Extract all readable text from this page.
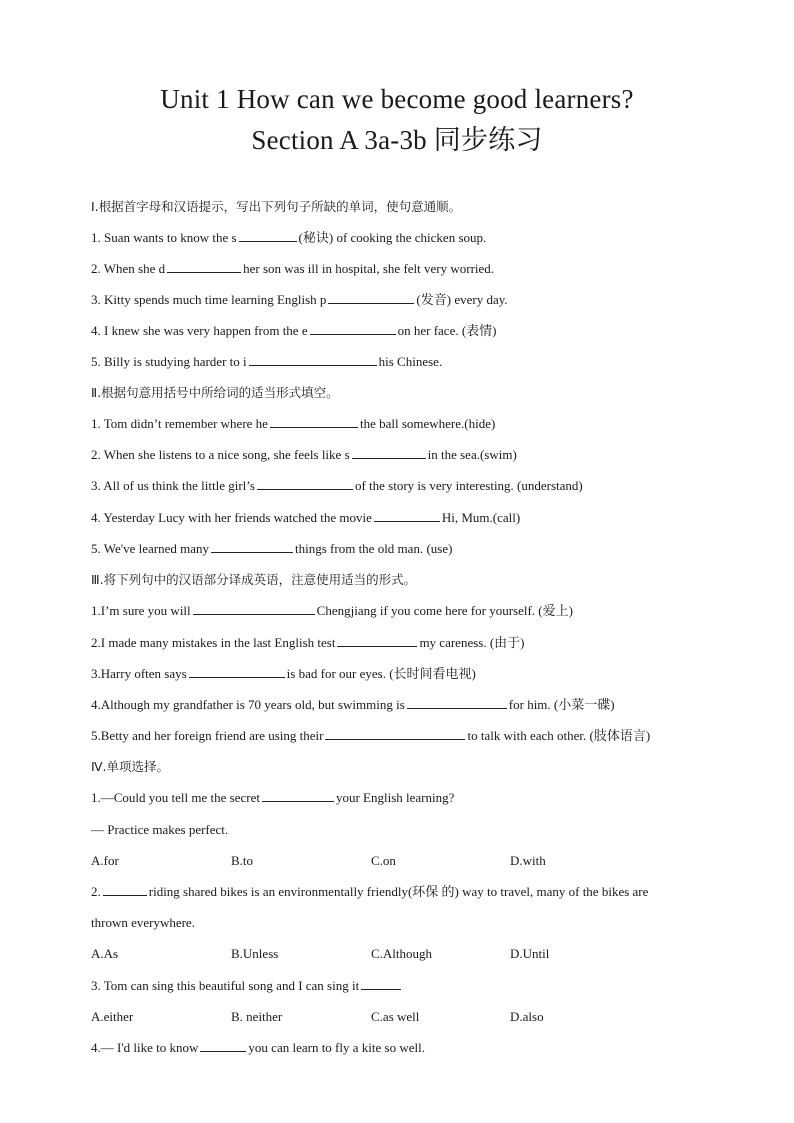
Unit 1 How can we become good learners?
Section A 3a-3b 同步练习
Ⅰ.根据首字母和汉语提示，写出下列句子所缺的单词，使句意通顺。
1. Suan wants to know the s	(秘诀) of cooking the chicken soup.
2. When she d	her son was ill in hospital, she felt very worried.
3. Kitty spends much time learning English p	(发音) every day.
4. I knew she was very happen from the e	on her face. (表情)
5. Billy is studying harder to i	his Chinese.
Ⅱ.根据句意用括号中所给词的适当形式填空。
1. Tom didn’t remember where he	the ball somewhere.(hide)
2. When she listens to a nice song, she feels like s	in the sea.(swim)
3. All of us think the little girl’s	of the story is very interesting. (understand)
4. Yesterday Lucy with her friends watched the movie	Hi, Mum.(call)
5. We've learned many	things from the old man. (use)
Ⅲ.将下列句中的汉语部分译成英语，注意使用适当的形式。
1.I’m sure you will	Chengjiang if you come here for yourself. (爱上)
2.I made many mistakes in the last English test	my careness. (由于)
3.Harry often says	is bad for our eyes. (长时间看电视)
4.Although my grandfather is 70 years old, but swimming is	for him. (小菜一碟)
5.Betty and her foreign friend are using their	to talk with each other. (肢体语言)
Ⅳ.单项选择。
1.—Could you tell me the secret	your English learning?
— Practice makes perfect.
A.for	B.to	C.on	D.with
2.	riding shared bikes is an environmentally friendly(环保 的) way to travel, many of the bikes are
thrown everywhere.
A.As	B.Unless	C.Although	D.Until
3. Tom can sing this beautiful song and I can sing it
A.either	B. neither	C.as well	D.also
4.— I'd like to know	you can learn to fly a kite so well.
